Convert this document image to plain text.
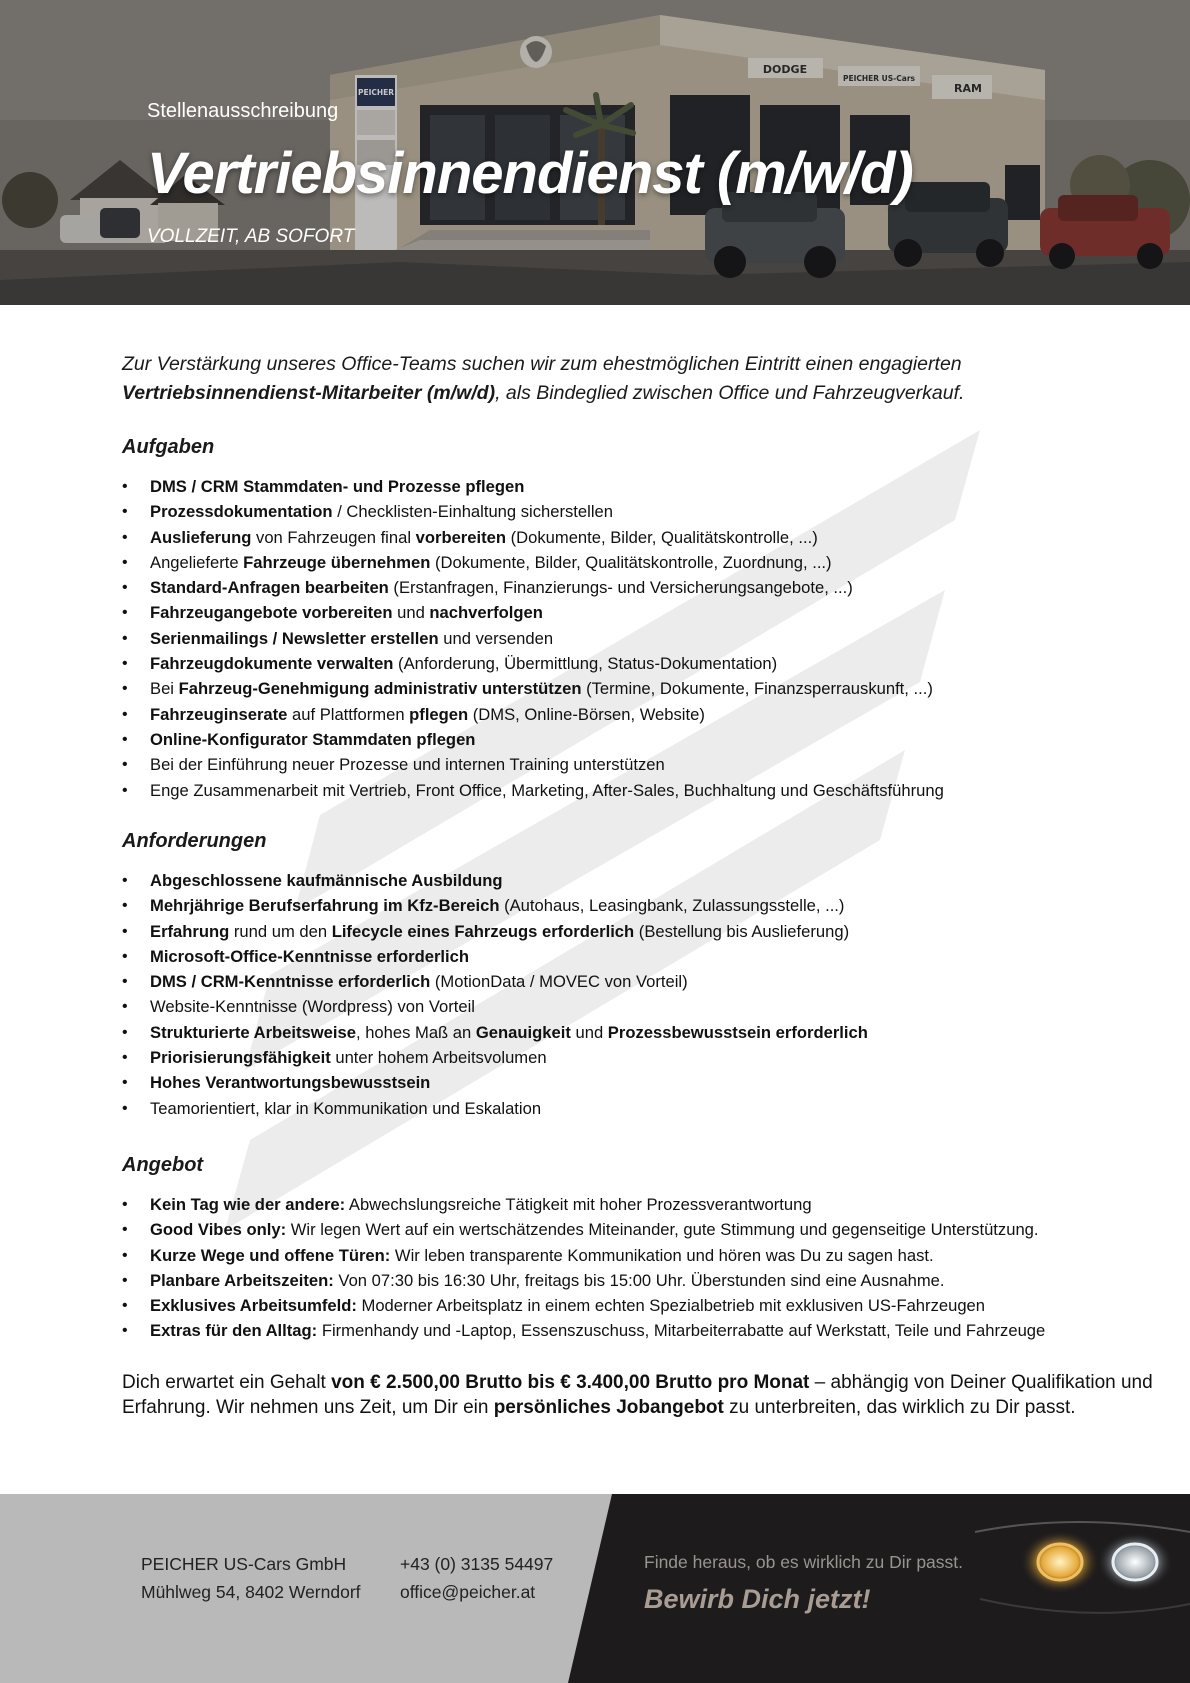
DODGE
PEICHER US-Cars
RAM
PEICHER
Stellenausschreibung
Vertriebsinnendienst (m/w/d)
VOLLZEIT, AB SOFORT

Zur Verstärkung unseres Office-Teams suchen wir zum ehestmöglichen Eintritt einen engagierten Vertriebsinnendienst-Mitarbeiter (m/w/d), als Bindeglied zwischen Office und Fahrzeugverkauf.

Aufgaben
• DMS / CRM Stammdaten- und Prozesse pflegen
• Prozessdokumentation / Checklisten-Einhaltung sicherstellen
• Auslieferung von Fahrzeugen final vorbereiten (Dokumente, Bilder, Qualitätskontrolle, ...)
• Angelieferte Fahrzeuge übernehmen (Dokumente, Bilder, Qualitätskontrolle, Zuordnung, ...)
• Standard-Anfragen bearbeiten (Erstanfragen, Finanzierungs- und Versicherungsangebote, ...)
• Fahrzeugangebote vorbereiten und nachverfolgen
• Serienmailings / Newsletter erstellen und versenden
• Fahrzeugdokumente verwalten (Anforderung, Übermittlung, Status-Dokumentation)
• Bei Fahrzeug-Genehmigung administrativ unterstützen (Termine, Dokumente, Finanzsperrauskunft, ...)
• Fahrzeuginserate auf Plattformen pflegen (DMS, Online-Börsen, Website)
• Online-Konfigurator Stammdaten pflegen
• Bei der Einführung neuer Prozesse und internen Training unterstützen
• Enge Zusammenarbeit mit Vertrieb, Front Office, Marketing, After-Sales, Buchhaltung und Geschäftsführung
Anforderungen
• Abgeschlossene kaufmännische Ausbildung
• Mehrjährige Berufserfahrung im Kfz-Bereich (Autohaus, Leasingbank, Zulassungsstelle, ...)
• Erfahrung rund um den Lifecycle eines Fahrzeugs erforderlich (Bestellung bis Auslieferung)
• Microsoft-Office-Kenntnisse erforderlich
• DMS / CRM-Kenntnisse erforderlich (MotionData / MOVEC von Vorteil)
• Website-Kenntnisse (Wordpress) von Vorteil
• Strukturierte Arbeitsweise, hohes Maß an Genauigkeit und Prozessbewusstsein erforderlich
• Priorisierungsfähigkeit unter hohem Arbeitsvolumen
• Hohes Verantwortungsbewusstsein
• Teamorientiert, klar in Kommunikation und Eskalation
Angebot
• Kein Tag wie der andere: Abwechslungsreiche Tätigkeit mit hoher Prozessverantwortung
• Good Vibes only: Wir legen Wert auf ein wertschätzendes Miteinander, gute Stimmung und gegenseitige Unterstützung.
• Kurze Wege und offene Türen: Wir leben transparente Kommunikation und hören was Du zu sagen hast.
• Planbare Arbeitszeiten: Von 07:30 bis 16:30 Uhr, freitags bis 15:00 Uhr. Überstunden sind eine Ausnahme.
• Exklusives Arbeitsumfeld: Moderner Arbeitsplatz in einem echten Spezialbetrieb mit exklusiven US-Fahrzeugen
• Extras für den Alltag: Firmenhandy und -Laptop, Essenszuschuss, Mitarbeiterrabatte auf Werkstatt, Teile und Fahrzeuge
Dich erwartet ein Gehalt von € 2.500,00 Brutto bis € 3.400,00 Brutto pro Monat – abhängig von Deiner Qualifikation und Erfahrung. Wir nehmen uns Zeit, um Dir ein persönliches Jobangebot zu unterbreiten, das wirklich zu Dir passt.
PEICHER US-Cars GmbH
Mühlweg 54, 8402 Werndorf
+43 (0) 3135 54497
office@peicher.at
Finde heraus, ob es wirklich zu Dir passt.
Bewirb Dich jetzt!
